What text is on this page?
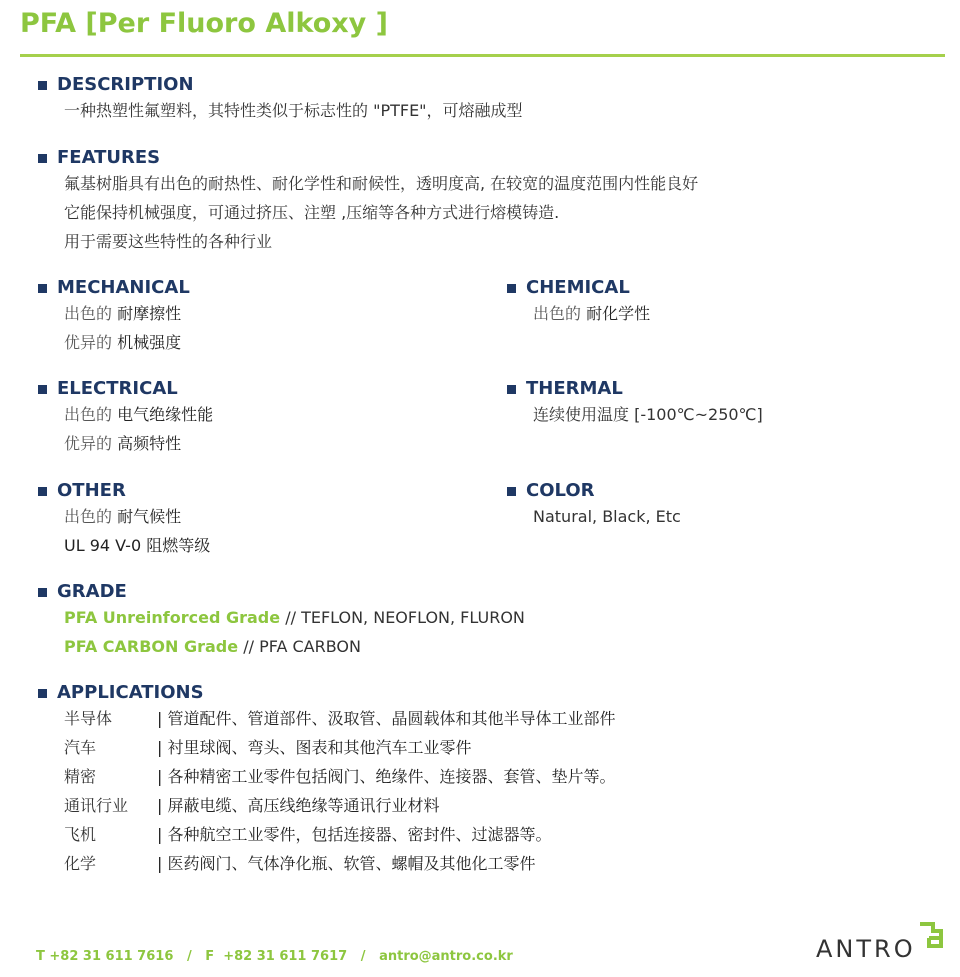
PFA [Per Fluoro Alkoxy ]
DESCRIPTION
一种热塑性氟塑料，其特性类似于标志性的 "PTFE"，可熔融成型
FEATURES
氟基树脂具有出色的耐热性、耐化学性和耐候性，透明度高, 在较宽的温度范围内性能良好
它能保持机械强度，可通过挤压、注塑 ,压缩等各种方式进行熔模铸造.
用于需要这些特性的各种行业
MECHANICAL
出色的 耐摩擦性
优异的 机械强度
CHEMICAL
出色的 耐化学性
ELECTRICAL
出色的 电气绝缘性能
优异的 高频特性
THERMAL
连续使用温度 [-100℃~250℃]
OTHER
出色的 耐气候性
UL 94 V-0 阻燃等级
COLOR
Natural, Black, Etc
GRADE
PFA Unreinforced Grade // TEFLON, NEOFLON, FLURON
PFA CARBON Grade // PFA CARBON
APPLICATIONS
半导体	| 管道配件、管道部件、汲取管、晶圆载体和其他半导体工业部件
汽车	| 衬里球阀、弯头、图表和其他汽车工业零件
精密	| 各种精密工业零件包括阀门、绝缘件、连接器、套管、垫片等。
通讯行业	| 屏蔽电缆、高压线绝缘等通讯行业材料
飞机	| 各种航空工业零件，包括连接器、密封件、过滤器等。
化学	| 医药阀门、气体净化瓶、软管、螺帽及其他化工零件
T +82 31 611 7616   /   F  +82 31 611 7617   /   antro@antro.co.kr	ANTRO
